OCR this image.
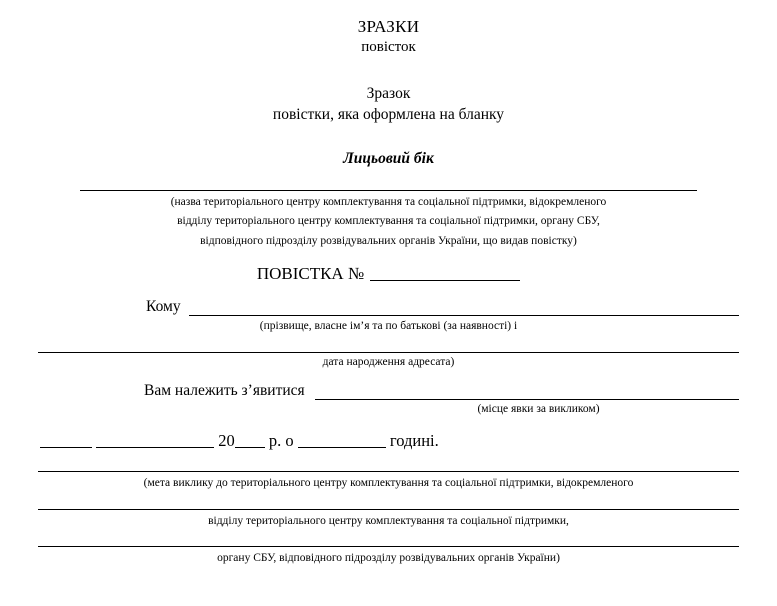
ЗРАЗКИ
повісток
Зразок
повістки, яка оформлена на бланку
Лицьовий бік
(назва територіального центру комплектування та соціальної підтримки, відокремленого
відділу територіального центру комплектування та соціальної підтримки, органу СБУ,
відповідного підрозділу розвідувальних органів України, що видав повістку)
ПОВІСТКА №
Кому
(прізвище, власне ім’я та по батькові (за наявності) і
дата народження адресата)
Вам належить з’явитися
(місце явки за викликом)
20 р. о	годині.
(мета виклику до територіального центру комплектування та соціальної підтримки, відокремленого
відділу територіального центру комплектування та соціальної підтримки,
органу СБУ, відповідного підрозділу розвідувальних органів України)
